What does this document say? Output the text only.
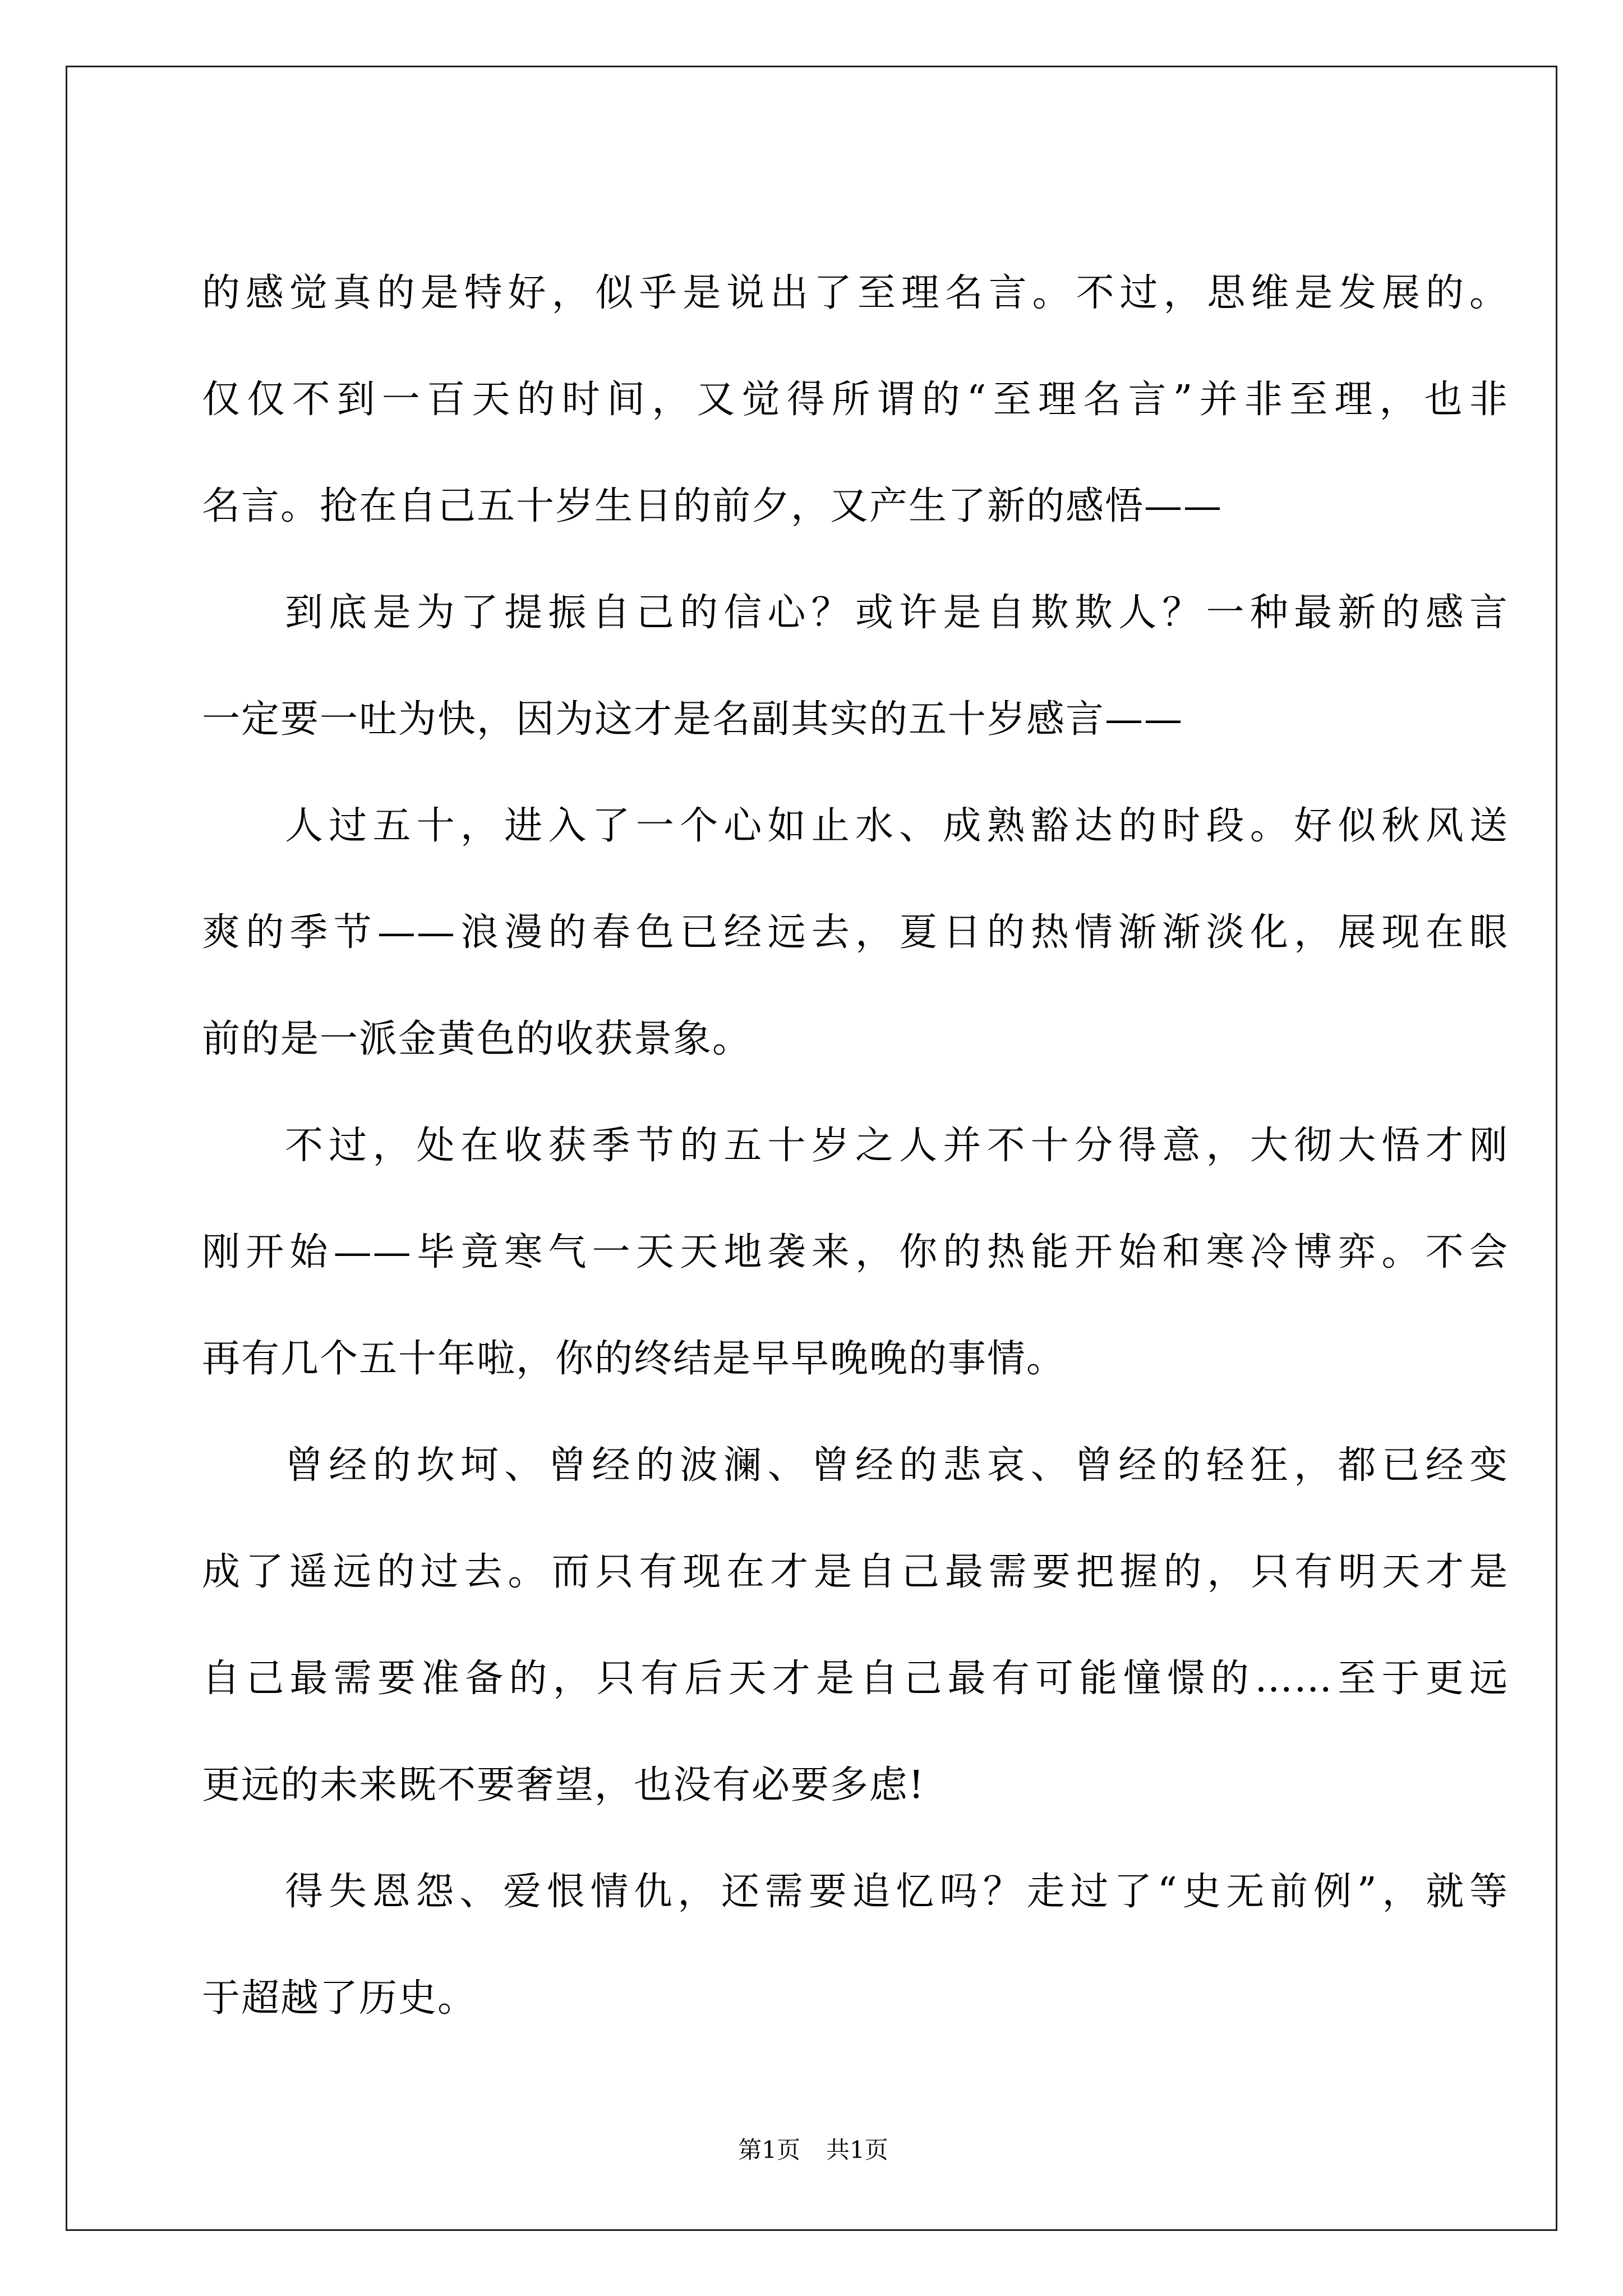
的感觉真的是特好，似乎是说出了至理名言。不过，思维是发展的。
仅仅不到一百天的时间，又觉得所谓的“至理名言”并非至理，也非
名言。抢在自己五十岁生日的前夕，又产生了新的感悟——
到底是为了提振自己的信心？或许是自欺欺人？一种最新的感言
一定要一吐为快，因为这才是名副其实的五十岁感言——
人过五十，进入了一个心如止水、成熟豁达的时段。好似秋风送
爽的季节——浪漫的春色已经远去，夏日的热情渐渐淡化，展现在眼
前的是一派金黄色的收获景象。
不过，处在收获季节的五十岁之人并不十分得意，大彻大悟才刚
刚开始——毕竟寒气一天天地袭来，你的热能开始和寒冷博弈。不会
再有几个五十年啦，你的终结是早早晚晚的事情。
曾经的坎坷、曾经的波澜、曾经的悲哀、曾经的轻狂，都已经变
成了遥远的过去。而只有现在才是自己最需要把握的，只有明天才是
自己最需要准备的，只有后天才是自己最有可能憧憬的……至于更远
更远的未来既不要奢望，也没有必要多虑!
得失恩怨、爱恨情仇，还需要追忆吗？走过了“史无前例”，就等
于超越了历史。
第1页 共1页
